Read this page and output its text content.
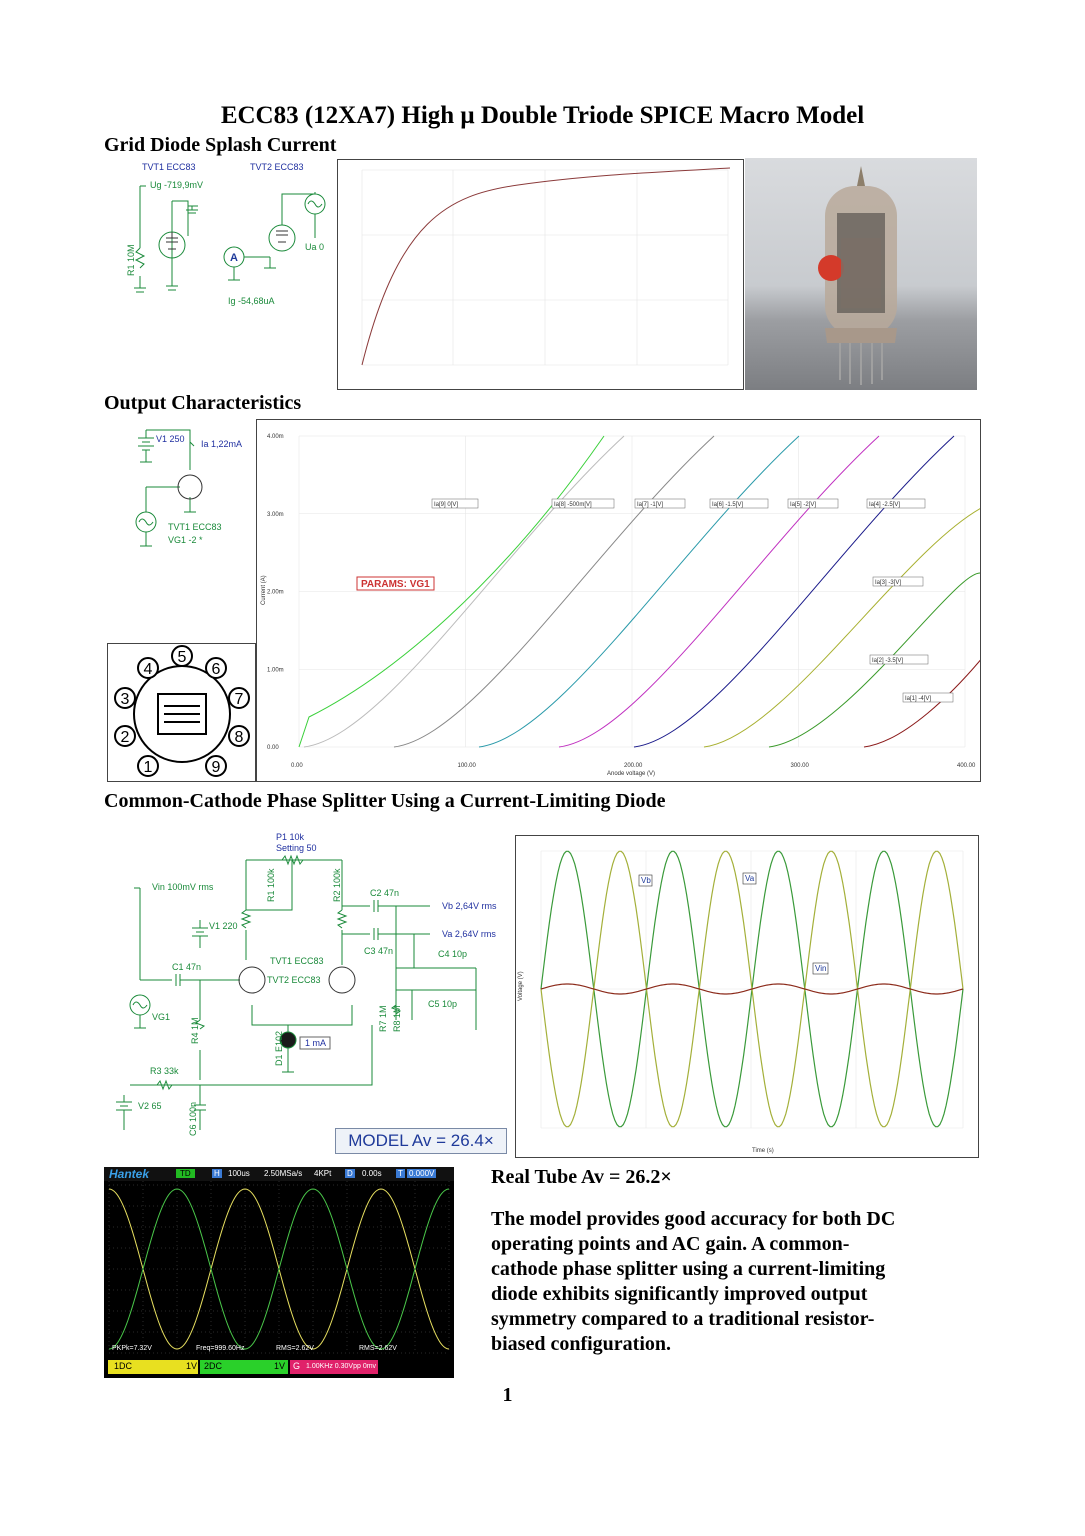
ECC83 (12XA7) High μ Double Triode SPICE Macro Model
Grid Diode Splash Current
Output Characteristics
Common-Cathode Phase Splitter Using a Current-Limiting Diode
TVT1 ECC83	TVT2 ECC83
Ug -719,9mV
R1 10M	Ua 0
Ig -54,68uA
A
V1 250 Ia 1,22mA
TVT1 ECC83
VG1 -2 *
1
2
3
4
5
6
7
8
9	0.00	100.00	200.00	300.00	400.00
0.00
1.00m
2.00m
3.00m
4.00m
Ia[9] 0[V]	Ia[8] -500m[V]	Ia[7] -1[V]	Ia[6] -1.5[V]	Ia[5] -2[V]	Ia[4] -2.5[V]
Ia[3] -3[V]
Ia[2] -3.5[V]
Ia[1] -4[V]
PARAMS: VG1
Current (A)
Anode voltage (V)
P1 10k
Setting 50
R1 100k	R2 100k
Vin 100mV rms
V1 220
C1 47n
C2 47n
C3 47n	C4 10p
C5 10p
Vb 2,64V rms
Va 2,64V rms
TVT1 ECC83
TVT2 ECC83
VG1
R4 1M	R7 1M R8 1M
D1 E102 1 mA
R3 33k
V2 65	C6 100n
MODEL Av = 26.4×
Vb	Va
Vin
Voltage (V)
Time (s)
Hantek	TD	H 100us 2.50MSa/s 4KPt D 0.00s T 0.000V
PKPk=7.32V	Freq=999.60Hz	RMS=2.62V	RMS=2.62V
1DC	1V 2DC	1V G 1.00KHz 0.30Vpp 0mv
Real Tube Av = 26.2×

The model provides good accuracy for both DC operating points and AC gain. A common-cathode phase splitter using a current-limiting diode exhibits significantly improved output symmetry compared to a traditional resistor-biased configuration.

1
